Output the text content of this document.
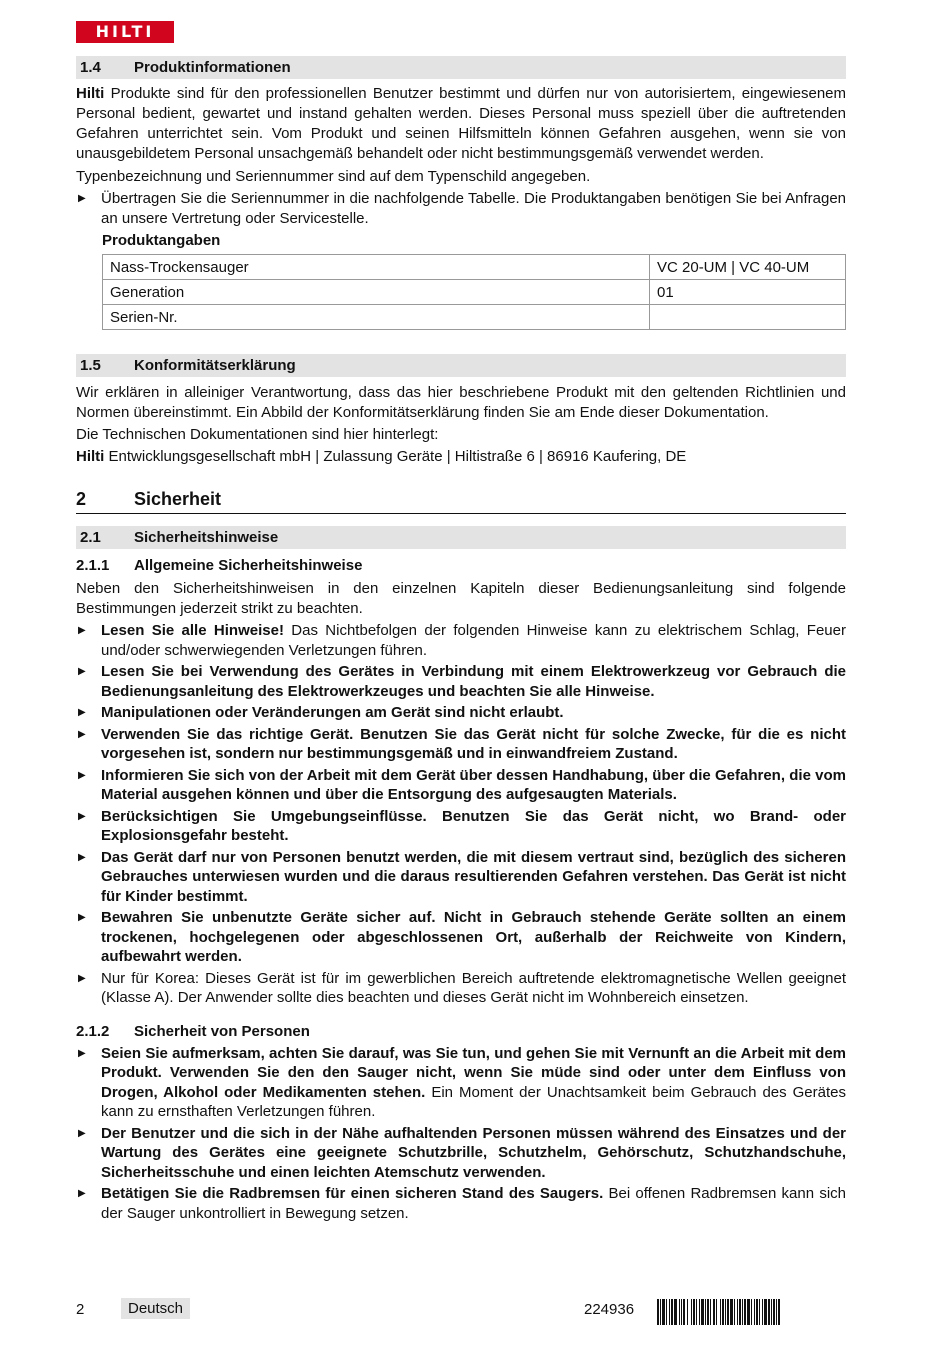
HILTI
1.4	Produktinformationen

Hilti Produkte sind für den professionellen Benutzer bestimmt und dürfen nur von autorisiertem, eingewiesenem Personal bedient, gewartet und instand gehalten werden. Dieses Personal muss speziell über die auftretenden Gefahren unterrichtet sein. Vom Produkt und seinen Hilfsmitteln können Gefahren ausgehen, wenn sie von unausgebildetem Personal unsachgemäß behandelt oder nicht bestimmungsgemäß verwendet werden.

Typenbezeichnung und Seriennummer sind auf dem Typenschild angegeben.

▶ Übertragen Sie die Seriennummer in die nachfolgende Tabelle. Die Produktangaben benötigen Sie bei Anfragen an unsere Vertretung oder Servicestelle.
Produktangaben
Nass-Trockensauger	VC 20-UM | VC 40-UM
Generation	01
Serien-Nr.	
1.5	Konformitätserklärung

Wir erklären in alleiniger Verantwortung, dass das hier beschriebene Produkt mit den geltenden Richtlinien und Normen übereinstimmt. Ein Abbild der Konformitätserklärung finden Sie am Ende dieser Dokumentation.

Die Technischen Dokumentationen sind hier hinterlegt:

Hilti Entwicklungsgesellschaft mbH | Zulassung Geräte | Hiltistraße 6 | 86916 Kaufering, DE

2	Sicherheit
2.1	Sicherheitshinweise
2.1.1	Allgemeine Sicherheitshinweise

Neben den Sicherheitshinweisen in den einzelnen Kapiteln dieser Bedienungsanleitung sind folgende Bestimmungen jederzeit strikt zu beachten.

▶ Lesen Sie alle Hinweise! Das Nichtbefolgen der folgenden Hinweise kann zu elektrischem Schlag, Feuer und/oder schwerwiegenden Verletzungen führen.
▶ Lesen Sie bei Verwendung des Gerätes in Verbindung mit einem Elektrowerkzeug vor Gebrauch die Bedienungsanleitung des Elektrowerkzeuges und beachten Sie alle Hinweise.
▶ Manipulationen oder Veränderungen am Gerät sind nicht erlaubt.
▶ Verwenden Sie das richtige Gerät. Benutzen Sie das Gerät nicht für solche Zwecke, für die es nicht vorgesehen ist, sondern nur bestimmungsgemäß und in einwandfreiem Zustand.
▶ Informieren Sie sich von der Arbeit mit dem Gerät über dessen Handhabung, über die Gefahren, die vom Material ausgehen können und über die Entsorgung des aufgesaugten Materials.
▶ Berücksichtigen Sie Umgebungseinflüsse. Benutzen Sie das Gerät nicht, wo Brand- oder Explosionsgefahr besteht.
▶ Das Gerät darf nur von Personen benutzt werden, die mit diesem vertraut sind, bezüglich des sicheren Gebrauches unterwiesen wurden und die daraus resultierenden Gefahren verstehen. Das Gerät ist nicht für Kinder bestimmt.
▶ Bewahren Sie unbenutzte Geräte sicher auf. Nicht in Gebrauch stehende Geräte sollten an einem trockenen, hochgelegenen oder abgeschlossenen Ort, außerhalb der Reichweite von Kindern, aufbewahrt werden.
▶ Nur für Korea: Dieses Gerät ist für im gewerblichen Bereich auftretende elektromagnetische Wellen geeignet (Klasse A). Der Anwender sollte dies beachten und dieses Gerät nicht im Wohnbereich einsetzen.
2.1.2	Sicherheit von Personen
▶ Seien Sie aufmerksam, achten Sie darauf, was Sie tun, und gehen Sie mit Vernunft an die Arbeit mit dem Produkt. Verwenden Sie den den Sauger nicht, wenn Sie müde sind oder unter dem Einfluss von Drogen, Alkohol oder Medikamenten stehen. Ein Moment der Unachtsamkeit beim Gebrauch des Gerätes kann zu ernsthaften Verletzungen führen.
▶ Der Benutzer und die sich in der Nähe aufhaltenden Personen müssen während des Einsatzes und der Wartung des Gerätes eine geeignete Schutzbrille, Schutzhelm, Gehörschutz, Schutzhandschuhe, Sicherheitsschuhe und einen leichten Atemschutz verwenden.
▶ Betätigen Sie die Radbremsen für einen sicheren Stand des Saugers. Bei offenen Radbremsen kann sich der Sauger unkontrolliert in Bewegung setzen.
2	Deutsch	224936
